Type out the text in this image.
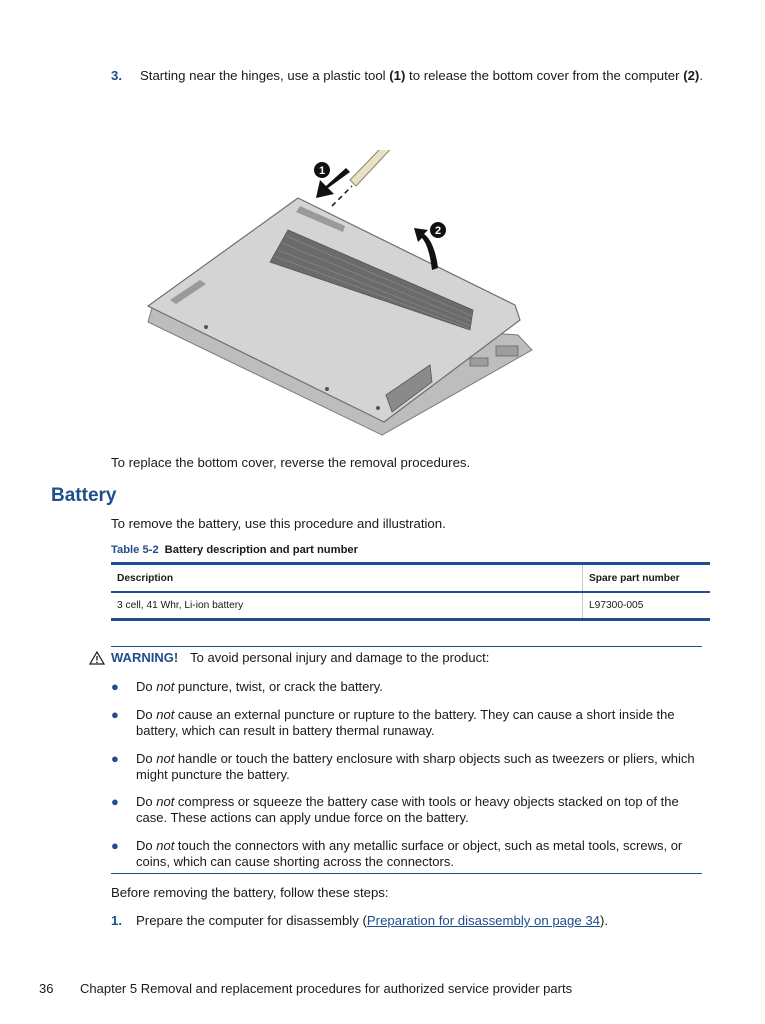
3. Starting near the hinges, use a plastic tool (1) to release the bottom cover from the computer (2).
1
2
To replace the bottom cover, reverse the removal procedures.
Battery
To remove the battery, use this procedure and illustration.
Table 5-2 Battery description and part number
Description	Spare part number
3 cell, 41 Whr, Li-ion battery	L97300-005
WARNING! To avoid personal injury and damage to the product:
● Do not puncture, twist, or crack the battery.
● Do not cause an external puncture or rupture to the battery. They can cause a short inside the battery, which can result in battery thermal runaway.
● Do not handle or touch the battery enclosure with sharp objects such as tweezers or pliers, which might puncture the battery.
● Do not compress or squeeze the battery case with tools or heavy objects stacked on top of the case. These actions can apply undue force on the battery.
● Do not touch the connectors with any metallic surface or object, such as metal tools, screws, or coins, which can cause shorting across the connectors.
Before removing the battery, follow these steps:
1. Prepare the computer for disassembly (Preparation for disassembly on page 34).
36 Chapter 5 Removal and replacement procedures for authorized service provider parts
